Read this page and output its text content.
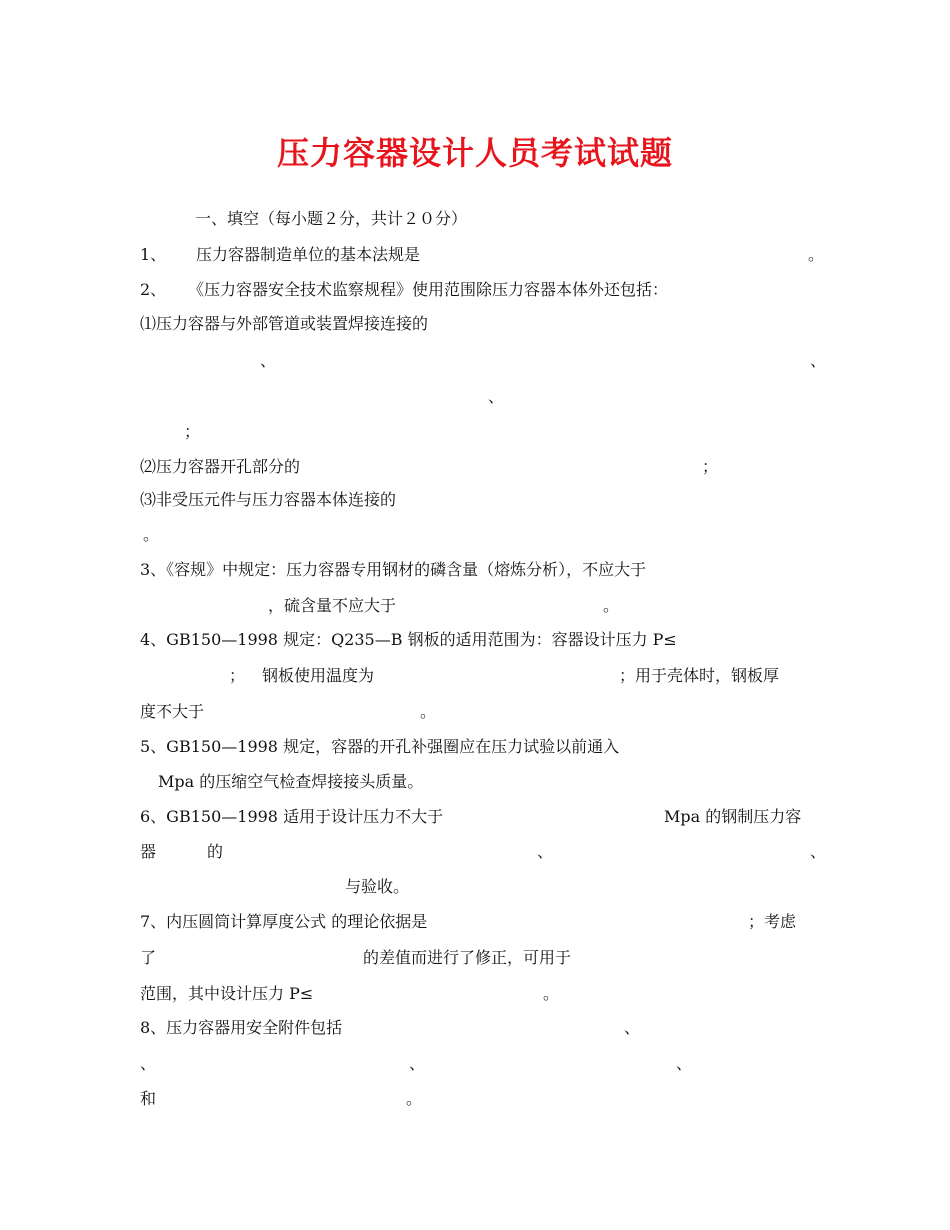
压力容器设计人员考试试题
一、填空（每小题２分，共计２０分）
1、 压力容器制造单位的基本法规是	。
2、 《压力容器安全技术监察规程》使用范围除压力容器本体外还包括：
⑴压力容器与外部管道或装置焊接连接的
、	、
、
；
⑵压力容器开孔部分的	；
⑶非受压元件与压力容器本体连接的
。
3、《容规》中规定：压力容器专用钢材的磷含量（熔炼分析），不应大于
，硫含量不应大于	。
4、GB150—1998 规定：Q235—B 钢板的适用范围为：容器设计压力 P≤
； 钢板使用温度为	；用于壳体时，钢板厚
度不大于	。
5、GB150—1998 规定，容器的开孔补强圈应在压力试验以前通入
Mpa 的压缩空气检查焊接接头质量。
6、GB150—1998 适用于设计压力不大于	Mpa 的钢制压力容
器	的	、	、
与验收。
7、内压圆筒计算厚度公式 的理论依据是	；考虑
了	的差值而进行了修正，可用于
范围，其中设计压力 P≤	。
8、压力容器用安全附件包括	、
、	、	、
和	。
